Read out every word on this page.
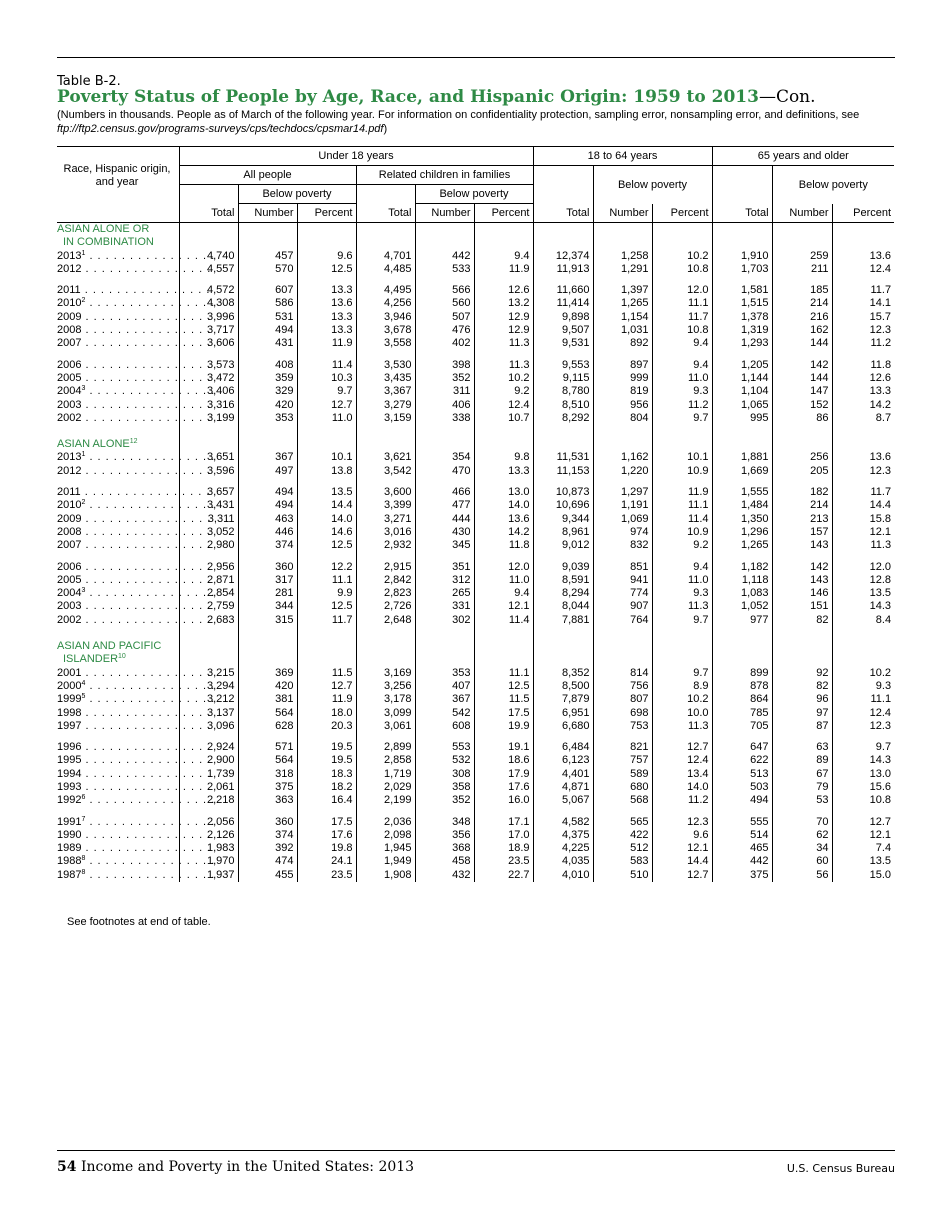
Table B-2.
Poverty Status of People by Age, Race, and Hispanic Origin: 1959 to 2013—Con.
(Numbers in thousands. People as of March of the following year. For information on confidentiality protection, sampling error, nonsampling error, and definitions, see ftp://ftp2.census.gov/programs-surveys/cps/techdocs/cpsmar14.pdf)
Race, Hispanic origin, and year	Under 18 years						18 to 64 years			65 years and older		
	All people			Related children in families				Below poverty			Below poverty	
		Below poverty			Below poverty							
	Total	Number	Percent	Total	Number	Percent	Total	Number	Percent	Total	Number	Percent
ASIAN ALONE OR												
IN COMBINATION												
2013$^1$ . . . . . . . . . . . . . . . .	4,740	457	9.6	4,701	442	9.4	12,374	1,258	10.2	1,910	259	13.6
2012 . . . . . . . . . . . . . . . .	4,557	570	12.5	4,485	533	11.9	11,913	1,291	10.8	1,703	211	12.4

2011 . . . . . . . . . . . . . . . .	4,572	607	13.3	4,495	566	12.6	11,660	1,397	12.0	1,581	185	11.7
2010$^2$ . . . . . . . . . . . . . . . .	4,308	586	13.6	4,256	560	13.2	11,414	1,265	11.1	1,515	214	14.1
2009 . . . . . . . . . . . . . . . .	3,996	531	13.3	3,946	507	12.9	9,898	1,154	11.7	1,378	216	15.7
2008 . . . . . . . . . . . . . . . .	3,717	494	13.3	3,678	476	12.9	9,507	1,031	10.8	1,319	162	12.3
2007 . . . . . . . . . . . . . . . .	3,606	431	11.9	3,558	402	11.3	9,531	892	9.4	1,293	144	11.2

2006 . . . . . . . . . . . . . . . .	3,573	408	11.4	3,530	398	11.3	9,553	897	9.4	1,205	142	11.8
2005 . . . . . . . . . . . . . . . .	3,472	359	10.3	3,435	352	10.2	9,115	999	11.0	1,144	144	12.6
2004$^3$ . . . . . . . . . . . . . . . .	3,406	329	9.7	3,367	311	9.2	8,780	819	9.3	1,104	147	13.3
2003 . . . . . . . . . . . . . . . .	3,316	420	12.7	3,279	406	12.4	8,510	956	11.2	1,065	152	14.2
2002 . . . . . . . . . . . . . . . .	3,199	353	11.0	3,159	338	10.7	8,292	804	9.7	995	86	8.7

ASIAN ALONE$^{12}$												
2013$^1$ . . . . . . . . . . . . . . . .	3,651	367	10.1	3,621	354	9.8	11,531	1,162	10.1	1,881	256	13.6
2012 . . . . . . . . . . . . . . . .	3,596	497	13.8	3,542	470	13.3	11,153	1,220	10.9	1,669	205	12.3

2011 . . . . . . . . . . . . . . . .	3,657	494	13.5	3,600	466	13.0	10,873	1,297	11.9	1,555	182	11.7
2010$^2$ . . . . . . . . . . . . . . . .	3,431	494	14.4	3,399	477	14.0	10,696	1,191	11.1	1,484	214	14.4
2009 . . . . . . . . . . . . . . . .	3,311	463	14.0	3,271	444	13.6	9,344	1,069	11.4	1,350	213	15.8
2008 . . . . . . . . . . . . . . . .	3,052	446	14.6	3,016	430	14.2	8,961	974	10.9	1,296	157	12.1
2007 . . . . . . . . . . . . . . . .	2,980	374	12.5	2,932	345	11.8	9,012	832	9.2	1,265	143	11.3

2006 . . . . . . . . . . . . . . . .	2,956	360	12.2	2,915	351	12.0	9,039	851	9.4	1,182	142	12.0
2005 . . . . . . . . . . . . . . . .	2,871	317	11.1	2,842	312	11.0	8,591	941	11.0	1,118	143	12.8
2004$^3$ . . . . . . . . . . . . . . . .	2,854	281	9.9	2,823	265	9.4	8,294	774	9.3	1,083	146	13.5
2003 . . . . . . . . . . . . . . . .	2,759	344	12.5	2,726	331	12.1	8,044	907	11.3	1,052	151	14.3
2002 . . . . . . . . . . . . . . . .	2,683	315	11.7	2,648	302	11.4	7,881	764	9.7	977	82	8.4

ASIAN AND PACIFIC												
ISLANDER$^{10}$												
2001 . . . . . . . . . . . . . . . .	3,215	369	11.5	3,169	353	11.1	8,352	814	9.7	899	92	10.2
2000$^4$ . . . . . . . . . . . . . . . .	3,294	420	12.7	3,256	407	12.5	8,500	756	8.9	878	82	9.3
1999$^5$ . . . . . . . . . . . . . . . .	3,212	381	11.9	3,178	367	11.5	7,879	807	10.2	864	96	11.1
1998 . . . . . . . . . . . . . . . .	3,137	564	18.0	3,099	542	17.5	6,951	698	10.0	785	97	12.4
1997 . . . . . . . . . . . . . . . .	3,096	628	20.3	3,061	608	19.9	6,680	753	11.3	705	87	12.3

1996 . . . . . . . . . . . . . . . .	2,924	571	19.5	2,899	553	19.1	6,484	821	12.7	647	63	9.7
1995 . . . . . . . . . . . . . . . .	2,900	564	19.5	2,858	532	18.6	6,123	757	12.4	622	89	14.3
1994 . . . . . . . . . . . . . . . .	1,739	318	18.3	1,719	308	17.9	4,401	589	13.4	513	67	13.0
1993 . . . . . . . . . . . . . . . .	2,061	375	18.2	2,029	358	17.6	4,871	680	14.0	503	79	15.6
1992$^6$ . . . . . . . . . . . . . . . .	2,218	363	16.4	2,199	352	16.0	5,067	568	11.2	494	53	10.8

1991$^7$ . . . . . . . . . . . . . . . .	2,056	360	17.5	2,036	348	17.1	4,582	565	12.3	555	70	12.7
1990 . . . . . . . . . . . . . . . .	2,126	374	17.6	2,098	356	17.0	4,375	422	9.6	514	62	12.1
1989 . . . . . . . . . . . . . . . .	1,983	392	19.8	1,945	368	18.9	4,225	512	12.1	465	34	7.4
1988$^8$ . . . . . . . . . . . . . . . .	1,970	474	24.1	1,949	458	23.5	4,035	583	14.4	442	60	13.5
1987$^8$ . . . . . . . . . . . . . . . .	1,937	455	23.5	1,908	432	22.7	4,010	510	12.7	375	56	15.0
See footnotes at end of table.
54 Income and Poverty in the United States: 2013	U.S. Census Bureau
